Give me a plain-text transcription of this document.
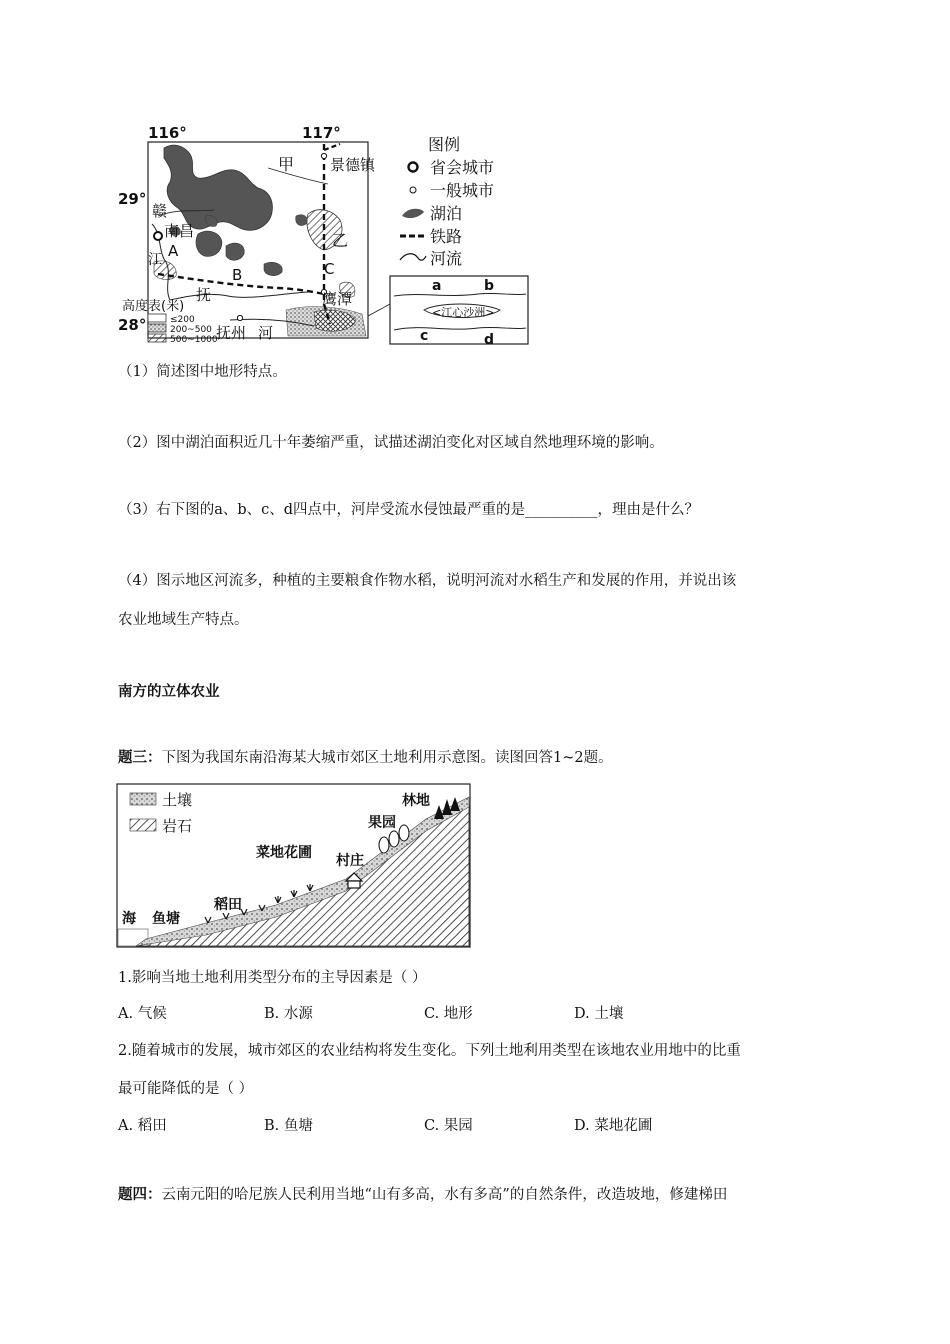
116°	117°
29°
28°
甲 景德镇
乙
赣
南昌
A
江
B	C
抚	鹰潭
抚州 河
高度表(米)
≤200
200~500
500~1000
图例
省会城市
一般城市
湖泊
铁路
河流
a	b
<江心沙洲>
c	d
（1）简述图中地形特点。
（2）图中湖泊面积近几十年萎缩严重，试描述湖泊变化对区域自然地理环境的影响。
（3）右下图的a、b、c、d四点中，河岸受流水侵蚀最严重的是__________，理由是什么？
（4）图示地区河流多，种植的主要粮食作物水稻，说明河流对水稻生产和发展的作用，并说出该
农业地域生产特点。
南方的立体农业
题三：下图为我国东南沿海某大城市郊区土地利用示意图。读图回答1~2题。
土壤
岩石
海 鱼塘
稻田
菜地花圃 村庄
果园
林地
1.影响当地土地利用类型分布的主导因素是（ ）
A. 气候	B. 水源	C. 地形	D. 土壤
2.随着城市的发展，城市郊区的农业结构将发生变化。下列土地利用类型在该地农业用地中的比重
最可能降低的是（ ）
A. 稻田	B. 鱼塘	C. 果园	D. 菜地花圃
题四：云南元阳的哈尼族人民利用当地“山有多高，水有多高”的自然条件，改造坡地，修建梯田
